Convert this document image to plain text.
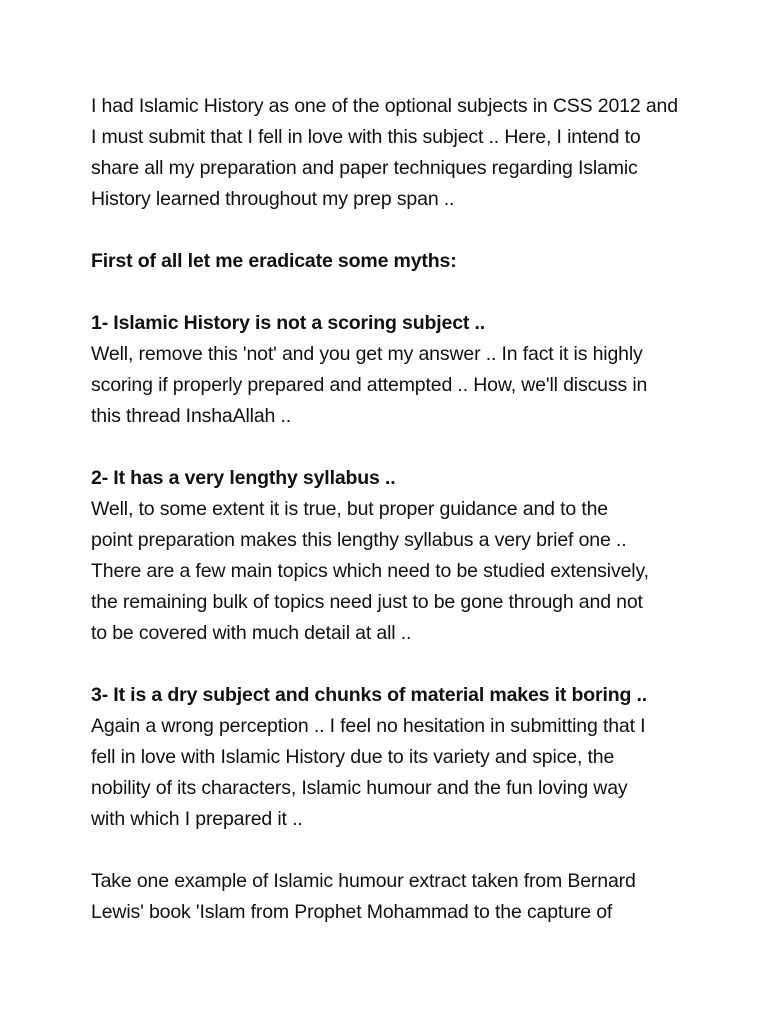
I had Islamic History as one of the optional subjects in CSS 2012 and
I must submit that I fell in love with this subject .. Here, I intend to
share all my preparation and paper techniques regarding Islamic
History learned throughout my prep span ..
First of all let me eradicate some myths:
1- Islamic History is not a scoring subject ..
Well, remove this 'not' and you get my answer .. In fact it is highly
scoring if properly prepared and attempted .. How, we'll discuss in
this thread InshaAllah ..
2- It has a very lengthy syllabus ..
Well, to some extent it is true, but proper guidance and to the
point preparation makes this lengthy syllabus a very brief one ..
There are a few main topics which need to be studied extensively,
the remaining bulk of topics need just to be gone through and not
to be covered with much detail at all ..
3- It is a dry subject and chunks of material makes it boring ..
Again a wrong perception .. I feel no hesitation in submitting that I
fell in love with Islamic History due to its variety and spice, the
nobility of its characters, Islamic humour and the fun loving way
with which I prepared it ..
Take one example of Islamic humour extract taken from Bernard
Lewis' book 'Islam from Prophet Mohammad to the capture of
